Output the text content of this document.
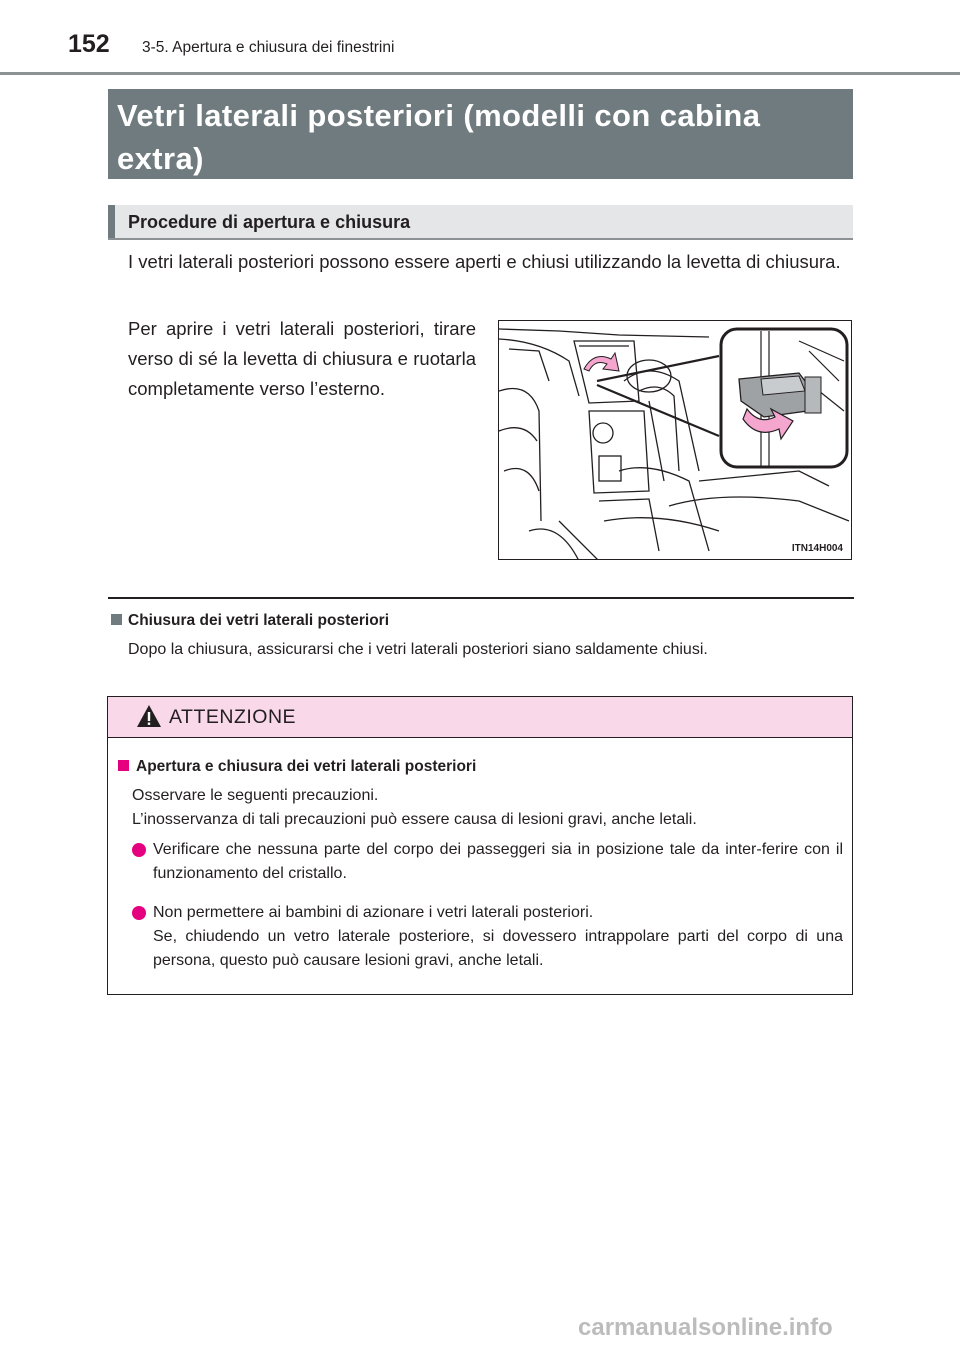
152 3-5. Apertura e chiusura dei finestrini
Vetri laterali posteriori (modelli con cabina extra)
Procedure di apertura e chiusura
I vetri laterali posteriori possono essere aperti e chiusi utilizzando la levetta di chiusura.
Per aprire i vetri laterali posteriori, tirare verso di sé la levetta di chiusura e ruotarla completamente verso l’esterno.
ITN14H004
Chiusura dei vetri laterali posteriori
Dopo la chiusura, assicurarsi che i vetri laterali posteriori siano saldamente chiusi.
ATTENZIONE
Apertura e chiusura dei vetri laterali posteriori
Osservare le seguenti precauzioni.
L’inosservanza di tali precauzioni può essere causa di lesioni gravi, anche letali.
Verificare che nessuna parte del corpo dei passeggeri sia in posizione tale da inter-ferire con il funzionamento del cristallo.
Non permettere ai bambini di azionare i vetri laterali posteriori.
Se, chiudendo un vetro laterale posteriore, si dovessero intrappolare parti del corpo di una persona, questo può causare lesioni gravi, anche letali.
carmanualsonline.info
